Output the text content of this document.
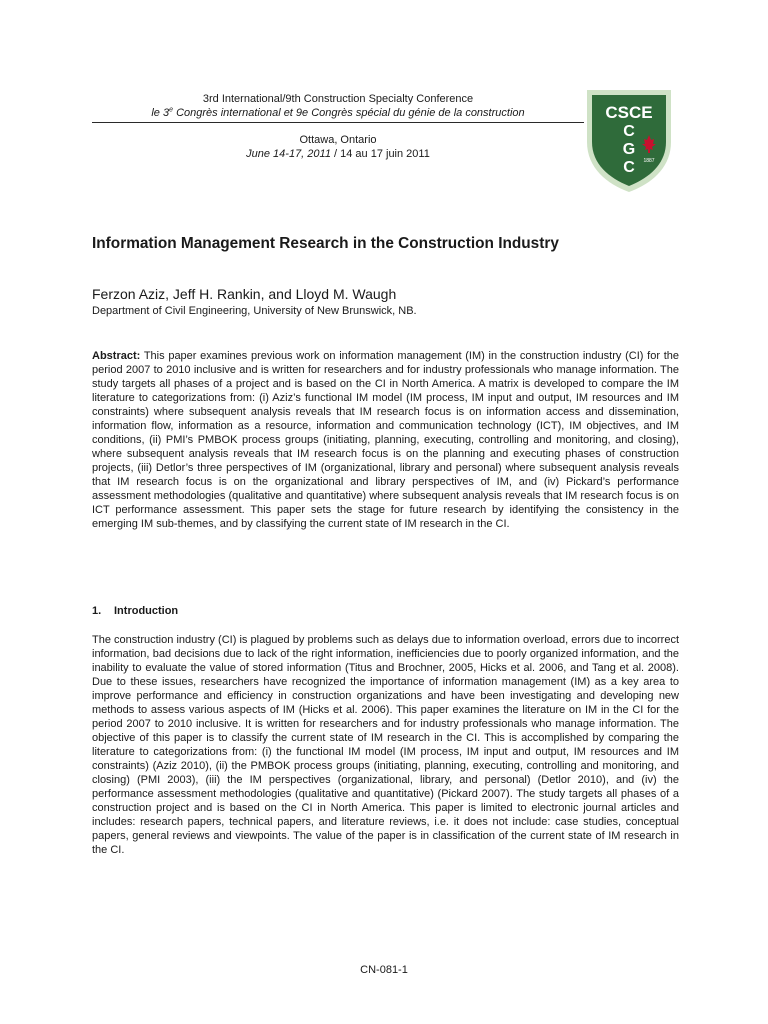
3rd International/9th Construction Specialty Conference
le 3e Congrès international et 9e Congrès spécial du génie de la construction
Ottawa, Ontario
June 14-17, 2011 / 14 au 17 juin 2011
CSCE
C
G
C 1887
Information Management Research in the Construction Industry
Ferzon Aziz, Jeff H. Rankin, and Lloyd M. Waugh
Department of Civil Engineering, University of New Brunswick, NB.
Abstract: This paper examines previous work on information management (IM) in the construction industry (CI) for the period 2007 to 2010 inclusive and is written for researchers and for industry professionals who manage information. The study targets all phases of a project and is based on the CI in North America. A matrix is developed to compare the IM literature to categorizations from: (i) Aziz’s functional IM model (IM process, IM input and output, IM resources and IM constraints) where subsequent analysis reveals that IM research focus is on information access and dissemination, information flow, information as a resource, information and communication technology (ICT), IM objectives, and IM conditions, (ii) PMI’s PMBOK process groups (initiating, planning, executing, controlling and monitoring, and closing), where subsequent analysis reveals that IM research focus is on the planning and executing phases of construction projects, (iii) Detlor’s three perspectives of IM (organizational, library and personal) where subsequent analysis reveals that IM research focus is on the organizational and library perspectives of IM, and (iv) Pickard’s performance assessment methodologies (qualitative and quantitative) where subsequent analysis reveals that IM research focus is on ICT performance assessment. This paper sets the stage for future research by identifying the consistency in the emerging IM sub-themes, and by classifying the current state of IM research in the CI.
1. Introduction
The construction industry (CI) is plagued by problems such as delays due to information overload, errors due to incorrect information, bad decisions due to lack of the right information, inefficiencies due to poorly organized information, and the inability to evaluate the value of stored information (Titus and Brochner, 2005, Hicks et al. 2006, and Tang et al. 2008). Due to these issues, researchers have recognized the importance of information management (IM) as a key area to improve performance and efficiency in construction organizations and have been investigating and developing new methods to assess various aspects of IM (Hicks et al. 2006). This paper examines the literature on IM in the CI for the period 2007 to 2010 inclusive. It is written for researchers and for industry professionals who manage information. The objective of this paper is to classify the current state of IM research in the CI. This is accomplished by comparing the literature to categorizations from: (i) the functional IM model (IM process, IM input and output, IM resources and IM constraints) (Aziz 2010), (ii) the PMBOK process groups (initiating, planning, executing, controlling and monitoring, and closing) (PMI 2003), (iii) the IM perspectives (organizational, library, and personal) (Detlor 2010), and (iv) the performance assessment methodologies (qualitative and quantitative) (Pickard 2007). The study targets all phases of a construction project and is based on the CI in North America. This paper is limited to electronic journal articles and includes: research papers, technical papers, and literature reviews, i.e. it does not include: case studies, conceptual papers, general reviews and viewpoints. The value of the paper is in classification of the current state of IM research in the CI.
CN-081-1
